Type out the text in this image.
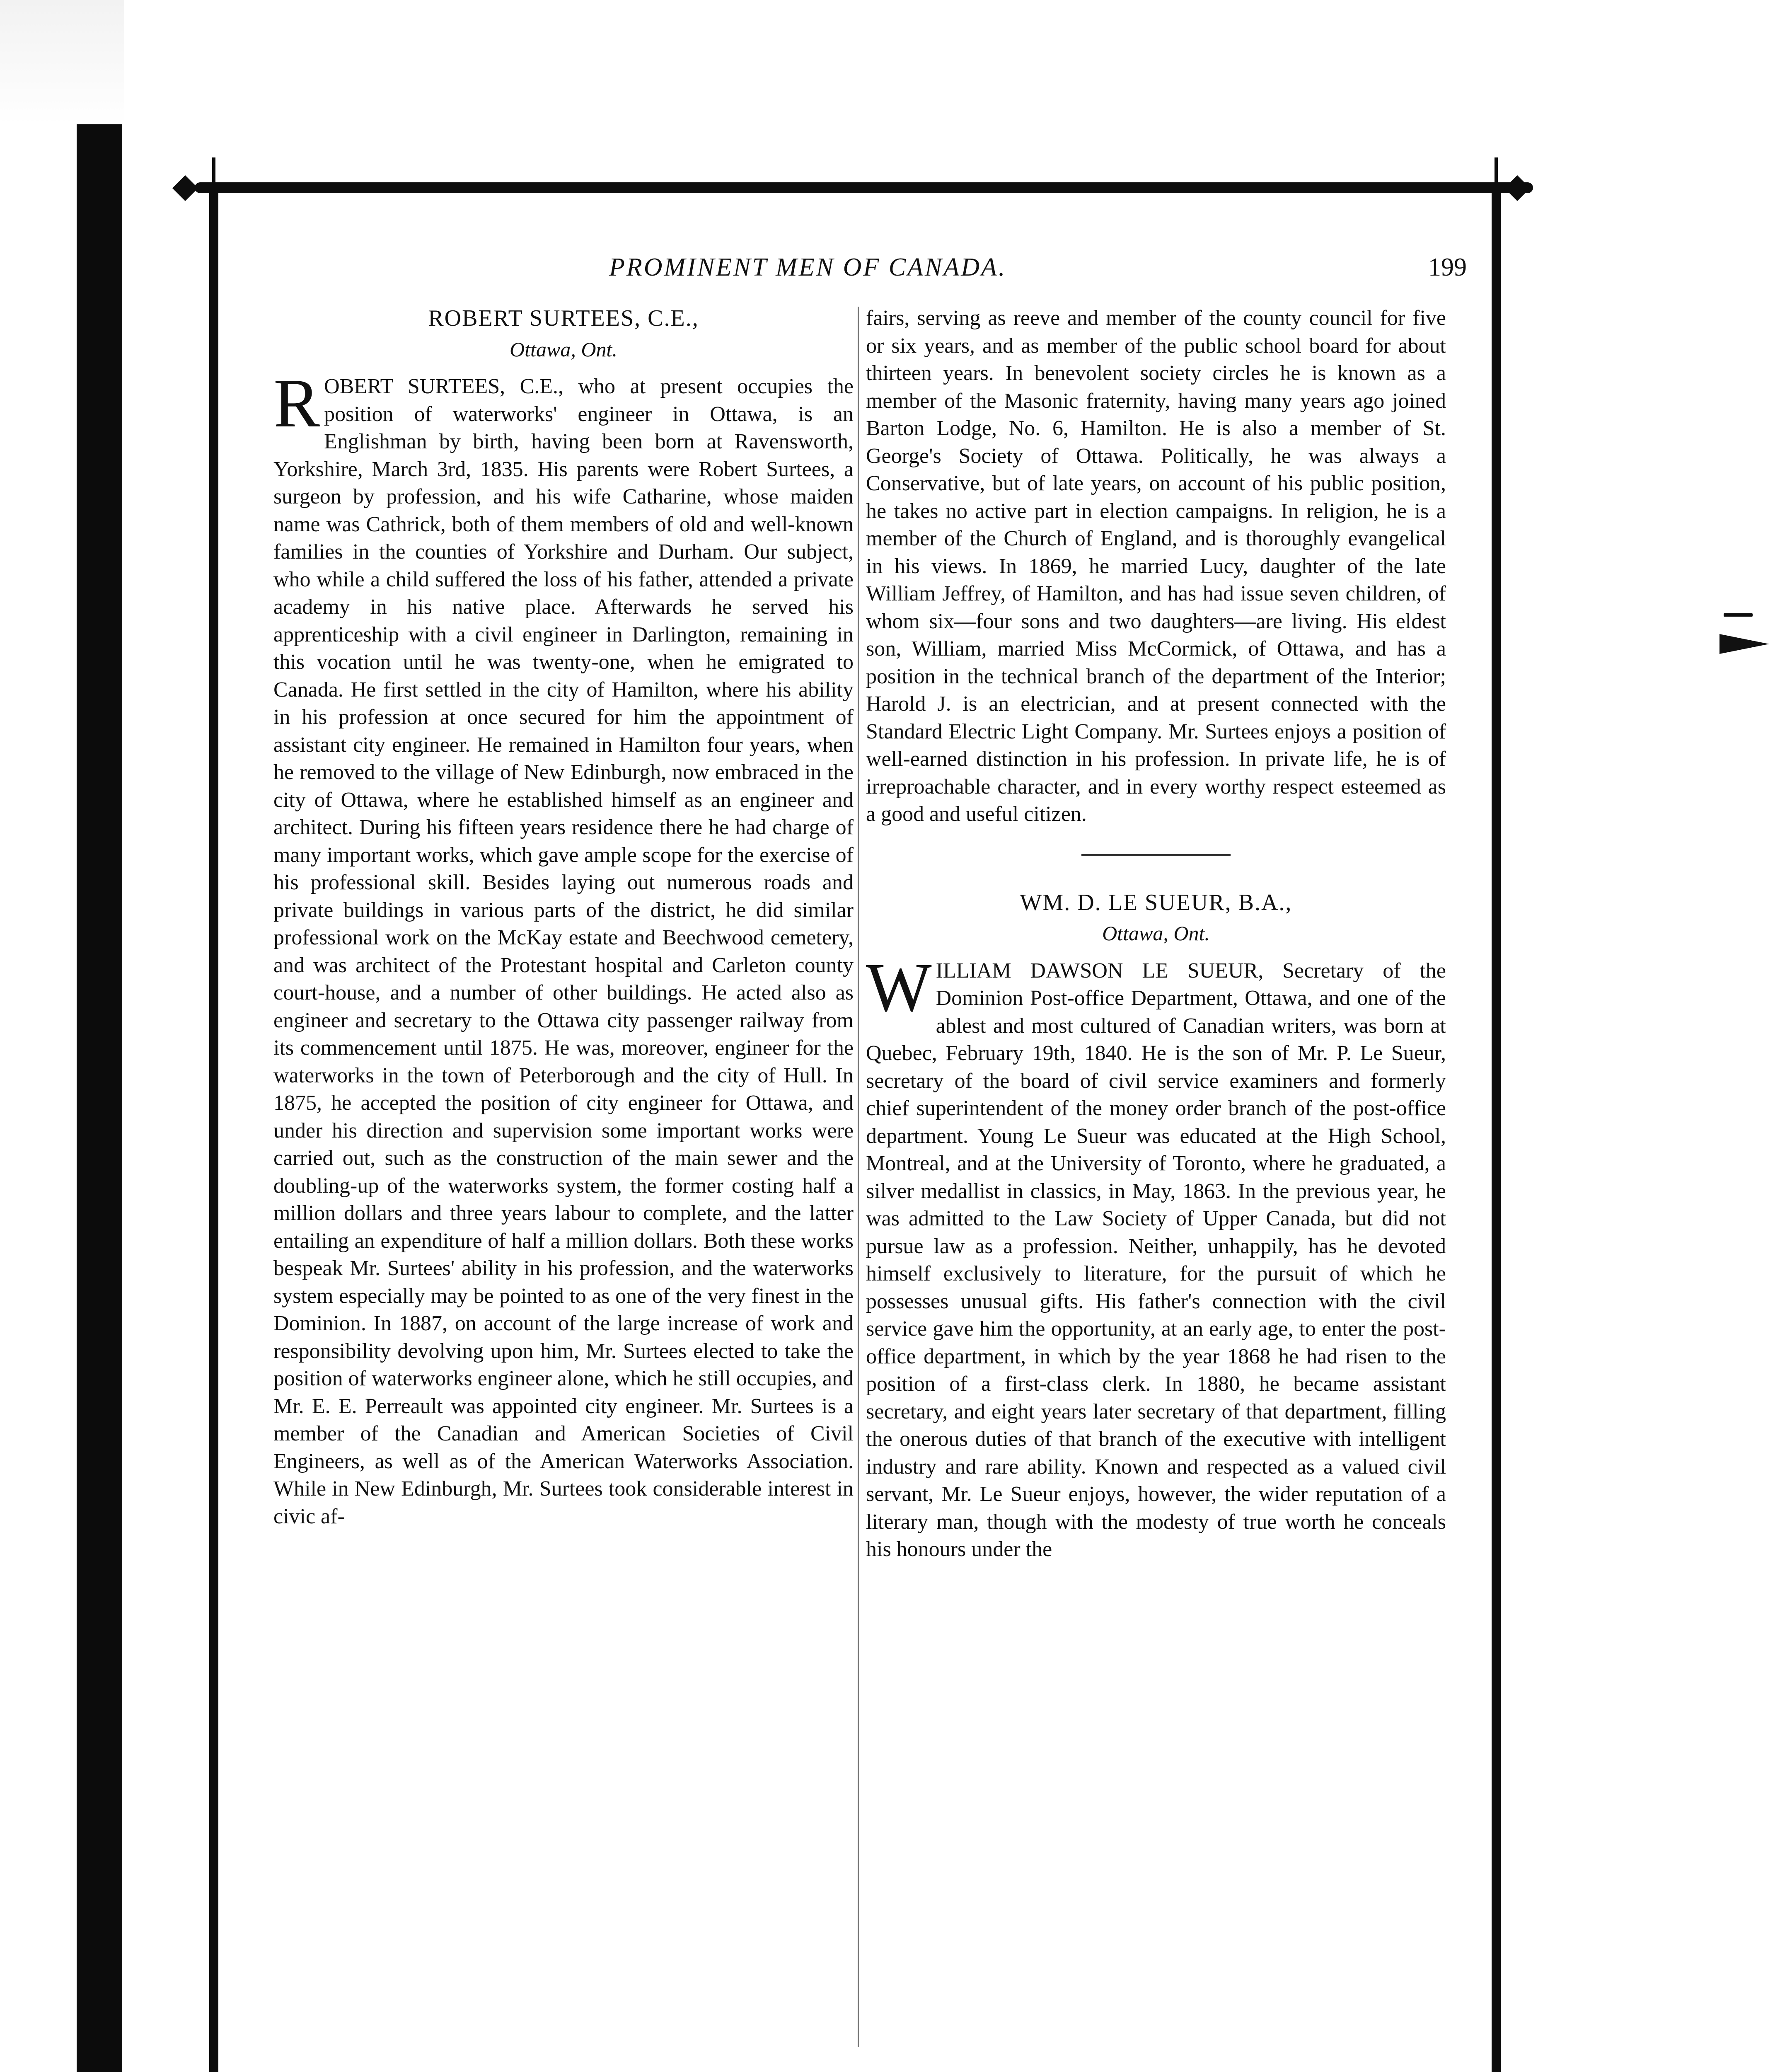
PROMINENT MEN OF CANADA.	199
ROBERT SURTEES, C.E.,
Ottawa, Ont.

ROBERT SURTEES, C.E., who at present occupies the position of waterworks' engineer in Ottawa, is an Englishman by birth, having been born at Ravensworth, Yorkshire, March 3rd, 1835. His parents were Robert Surtees, a surgeon by profession, and his wife Catharine, whose maiden name was Cathrick, both of them members of old and well-known families in the counties of Yorkshire and Durham. Our subject, who while a child suffered the loss of his father, attended a private academy in his native place. Afterwards he served his apprenticeship with a civil engineer in Darlington, remaining in this vocation until he was twenty-one, when he emigrated to Canada. He first settled in the city of Hamilton, where his ability in his profession at once secured for him the appointment of assistant city engineer. He remained in Hamilton four years, when he removed to the village of New Edinburgh, now embraced in the city of Ottawa, where he established himself as an engineer and architect. During his fifteen years residence there he had charge of many important works, which gave ample scope for the exercise of his professional skill. Besides laying out numerous roads and private buildings in various parts of the district, he did similar professional work on the McKay estate and Beechwood cemetery, and was architect of the Protestant hospital and Carleton county court-house, and a number of other buildings. He acted also as engineer and secretary to the Ottawa city passenger railway from its commencement until 1875. He was, moreover, engineer for the waterworks in the town of Peterborough and the city of Hull. In 1875, he accepted the position of city engineer for Ottawa, and under his direction and supervision some important works were carried out, such as the construction of the main sewer and the doubling-up of the waterworks system, the former costing half a million dollars and three years labour to complete, and the latter entailing an expenditure of half a million dollars. Both these works bespeak Mr. Surtees' ability in his profession, and the waterworks system especially may be pointed to as one of the very finest in the Dominion. In 1887, on account of the large increase of work and responsibility devolving upon him, Mr. Surtees elected to take the position of waterworks engineer alone, which he still occupies, and Mr. E. E. Perreault was appointed city engineer. Mr. Surtees is a member of the Canadian and American Societies of Civil Engineers, as well as of the American Waterworks Association. While in New Edinburgh, Mr. Surtees took considerable interest in civic af-

fairs, serving as reeve and member of the county council for five or six years, and as member of the public school board for about thirteen years. In benevolent society circles he is known as a member of the Masonic fraternity, having many years ago joined Barton Lodge, No. 6, Hamilton. He is also a member of St. George's Society of Ottawa. Politically, he was always a Conservative, but of late years, on account of his public position, he takes no active part in election campaigns. In religion, he is a member of the Church of England, and is thoroughly evangelical in his views. In 1869, he married Lucy, daughter of the late William Jeffrey, of Hamilton, and has had issue seven children, of whom six—four sons and two daughters—are living. His eldest son, William, married Miss McCormick, of Ottawa, and has a position in the technical branch of the department of the Interior; Harold J. is an electrician, and at present connected with the Standard Electric Light Company. Mr. Surtees enjoys a position of well-earned distinction in his profession. In private life, he is of irreproachable character, and in every worthy respect esteemed as a good and useful citizen.

WM. D. LE SUEUR, B.A.,
Ottawa, Ont.

WILLIAM DAWSON LE SUEUR, Secretary of the Dominion Post-office Department, Ottawa, and one of the ablest and most cultured of Canadian writers, was born at Quebec, February 19th, 1840. He is the son of Mr. P. Le Sueur, secretary of the board of civil service examiners and formerly chief superintendent of the money order branch of the post-office department. Young Le Sueur was educated at the High School, Montreal, and at the University of Toronto, where he graduated, a silver medallist in classics, in May, 1863. In the previous year, he was admitted to the Law Society of Upper Canada, but did not pursue law as a profession. Neither, unhappily, has he devoted himself exclusively to literature, for the pursuit of which he possesses unusual gifts. His father's connection with the civil service gave him the opportunity, at an early age, to enter the post-office department, in which by the year 1868 he had risen to the position of a first-class clerk. In 1880, he became assistant secretary, and eight years later secretary of that department, filling the onerous duties of that branch of the executive with intelligent industry and rare ability. Known and respected as a valued civil servant, Mr. Le Sueur enjoys, however, the wider reputation of a literary man, though with the modesty of true worth he conceals his honours under the
